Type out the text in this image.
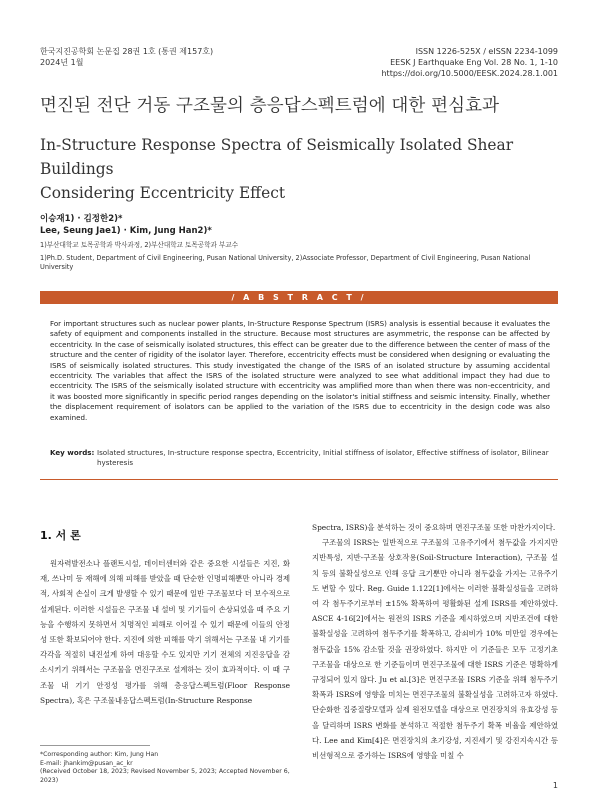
한국지진공학회 논문집 28권 1호 (통권 제157호)
2024년 1월
ISSN 1226-525X / eISSN 2234-1099
EESK J Earthquake Eng Vol. 28 No. 1, 1-10
https://doi.org/10.5000/EESK.2024.28.1.001
면진된 전단 거동 구조물의 층응답스펙트럼에 대한 편심효과
In-Structure Response Spectra of Seismically Isolated Shear Buildings
Considering Eccentricity Effect
이승재1) · 김정한2)*
Lee, Seung Jae1) · Kim, Jung Han2)*
1)부산대학교 토목공학과 박사과정, 2)부산대학교 토목공학과 부교수
1)Ph.D. Student, Department of Civil Engineering, Pusan National University, 2)Associate Professor, Department of Civil Engineering, Pusan National University
/ A B S T R A C T /
For important structures such as nuclear power plants, In-Structure Response Spectrum (ISRS) analysis is essential because it evaluates the safety of equipment and components installed in the structure. Because most structures are asymmetric, the response can be affected by eccentricity. In the case of seismically isolated structures, this effect can be greater due to the difference between the center of mass of the structure and the center of rigidity of the isolator layer. Therefore, eccentricity effects must be considered when designing or evaluating the ISRS of seismically isolated structures. This study investigated the change of the ISRS of an isolated structure by assuming accidental eccentricity. The variables that affect the ISRS of the isolated structure were analyzed to see what additional impact they had due to eccentricity. The ISRS of the seismically isolated structure with eccentricity was amplified more than when there was non-eccentricity, and it was boosted more significantly in specific period ranges depending on the isolator's initial stiffness and seismic intensity. Finally, whether the displacement requirement of isolators can be applied to the variation of the ISRS due to eccentricity in the design code was also examined.
Key words: Isolated structures, In-structure response spectra, Eccentricity, Initial stiffness of isolator, Effective stiffness of isolator, Bilinear hysteresis
1. 서 론

원자력발전소나 플랜트시설, 데이터센터와 같은 중요한 시설들은 지진, 화재, 쓰나미 등 재해에 의해 피해를 받았을 때 단순한 인명피해뿐만 아니라 경제적, 사회적 손실이 크게 발생할 수 있기 때문에 일반 구조물보다 더 보수적으로 설계된다. 이러한 시설들은 구조물 내 설비 및 기기들이 손상되었을 때 주요 기능을 수행하지 못하면서 치명적인 피해로 이어질 수 있기 때문에 이들의 안정성 또한 확보되어야 한다. 지진에 의한 피해를 막기 위해서는 구조물 내 기기를 각각을 적절히 내진설계 하여 대응할 수도 있지만 기기 전체의 지진응답을 감소시키기 위해서는 구조물을 면진구조로 설계하는 것이 효과적이다. 이 때 구조물 내 기기 안정성 평가를 위해 층응답스펙트럼(Floor Response Spectra), 혹은 구조물내응답스펙트럼(In-Structure Response

Spectra, ISRS)을 분석하는 것이 중요하며 면진구조물 또한 마찬가지이다.

구조물의 ISRS는 일반적으로 구조물의 고유주기에서 첨두값을 가지지만 지반특성, 지반-구조물 상호작용(Soil-Structure Interaction), 구조물 설치 등의 불확실성으로 인해 응답 크기뿐만 아니라 첨두값을 가지는 고유주기도 변할 수 있다. Reg. Guide 1.122[1]에서는 이러한 불확실성들을 고려하여 각 첨두주기로부터 ±15% 확폭하여 평활화된 설계 ISRS를 제안하였다. ASCE 4-16[2]에서는 원전의 ISRS 기준을 제시하였으며 지반조건에 대한 불확실성을 고려하여 첨두주기를 확폭하고, 감쇠비가 10% 미만일 경우에는 첨두값을 15% 감소할 것을 권장하였다. 하지만 이 기준들은 모두 고정기초구조물을 대상으로 한 기준들이며 면진구조물에 대한 ISRS 기준은 명확하게 규정되어 있지 않다. Ju et al.[3]은 면진구조물 ISRS 기준을 위해 첨두주기 확폭과 ISRS에 영향을 미치는 면진구조물의 불확실성을 고려하고자 하였다. 단순화한 집중질량모델과 실제 원전모델을 대상으로 면진장치의 유효강성 등을 달리하며 ISRS 변화를 분석하고 적절한 첨두주기 확폭 비율을 제안하였다. Lee and Kim[4]은 면진장치의 초기강성, 지진세기 및 강진지속시간 등 비선형적으로 증가하는 ISRS에 영향을 미칠 수

*Corresponding author: Kim, Jung Han
E-mail: jhankim@pusan_ac_kr
(Received October 18, 2023; Revised November 5, 2023; Accepted November 6, 2023)
1
